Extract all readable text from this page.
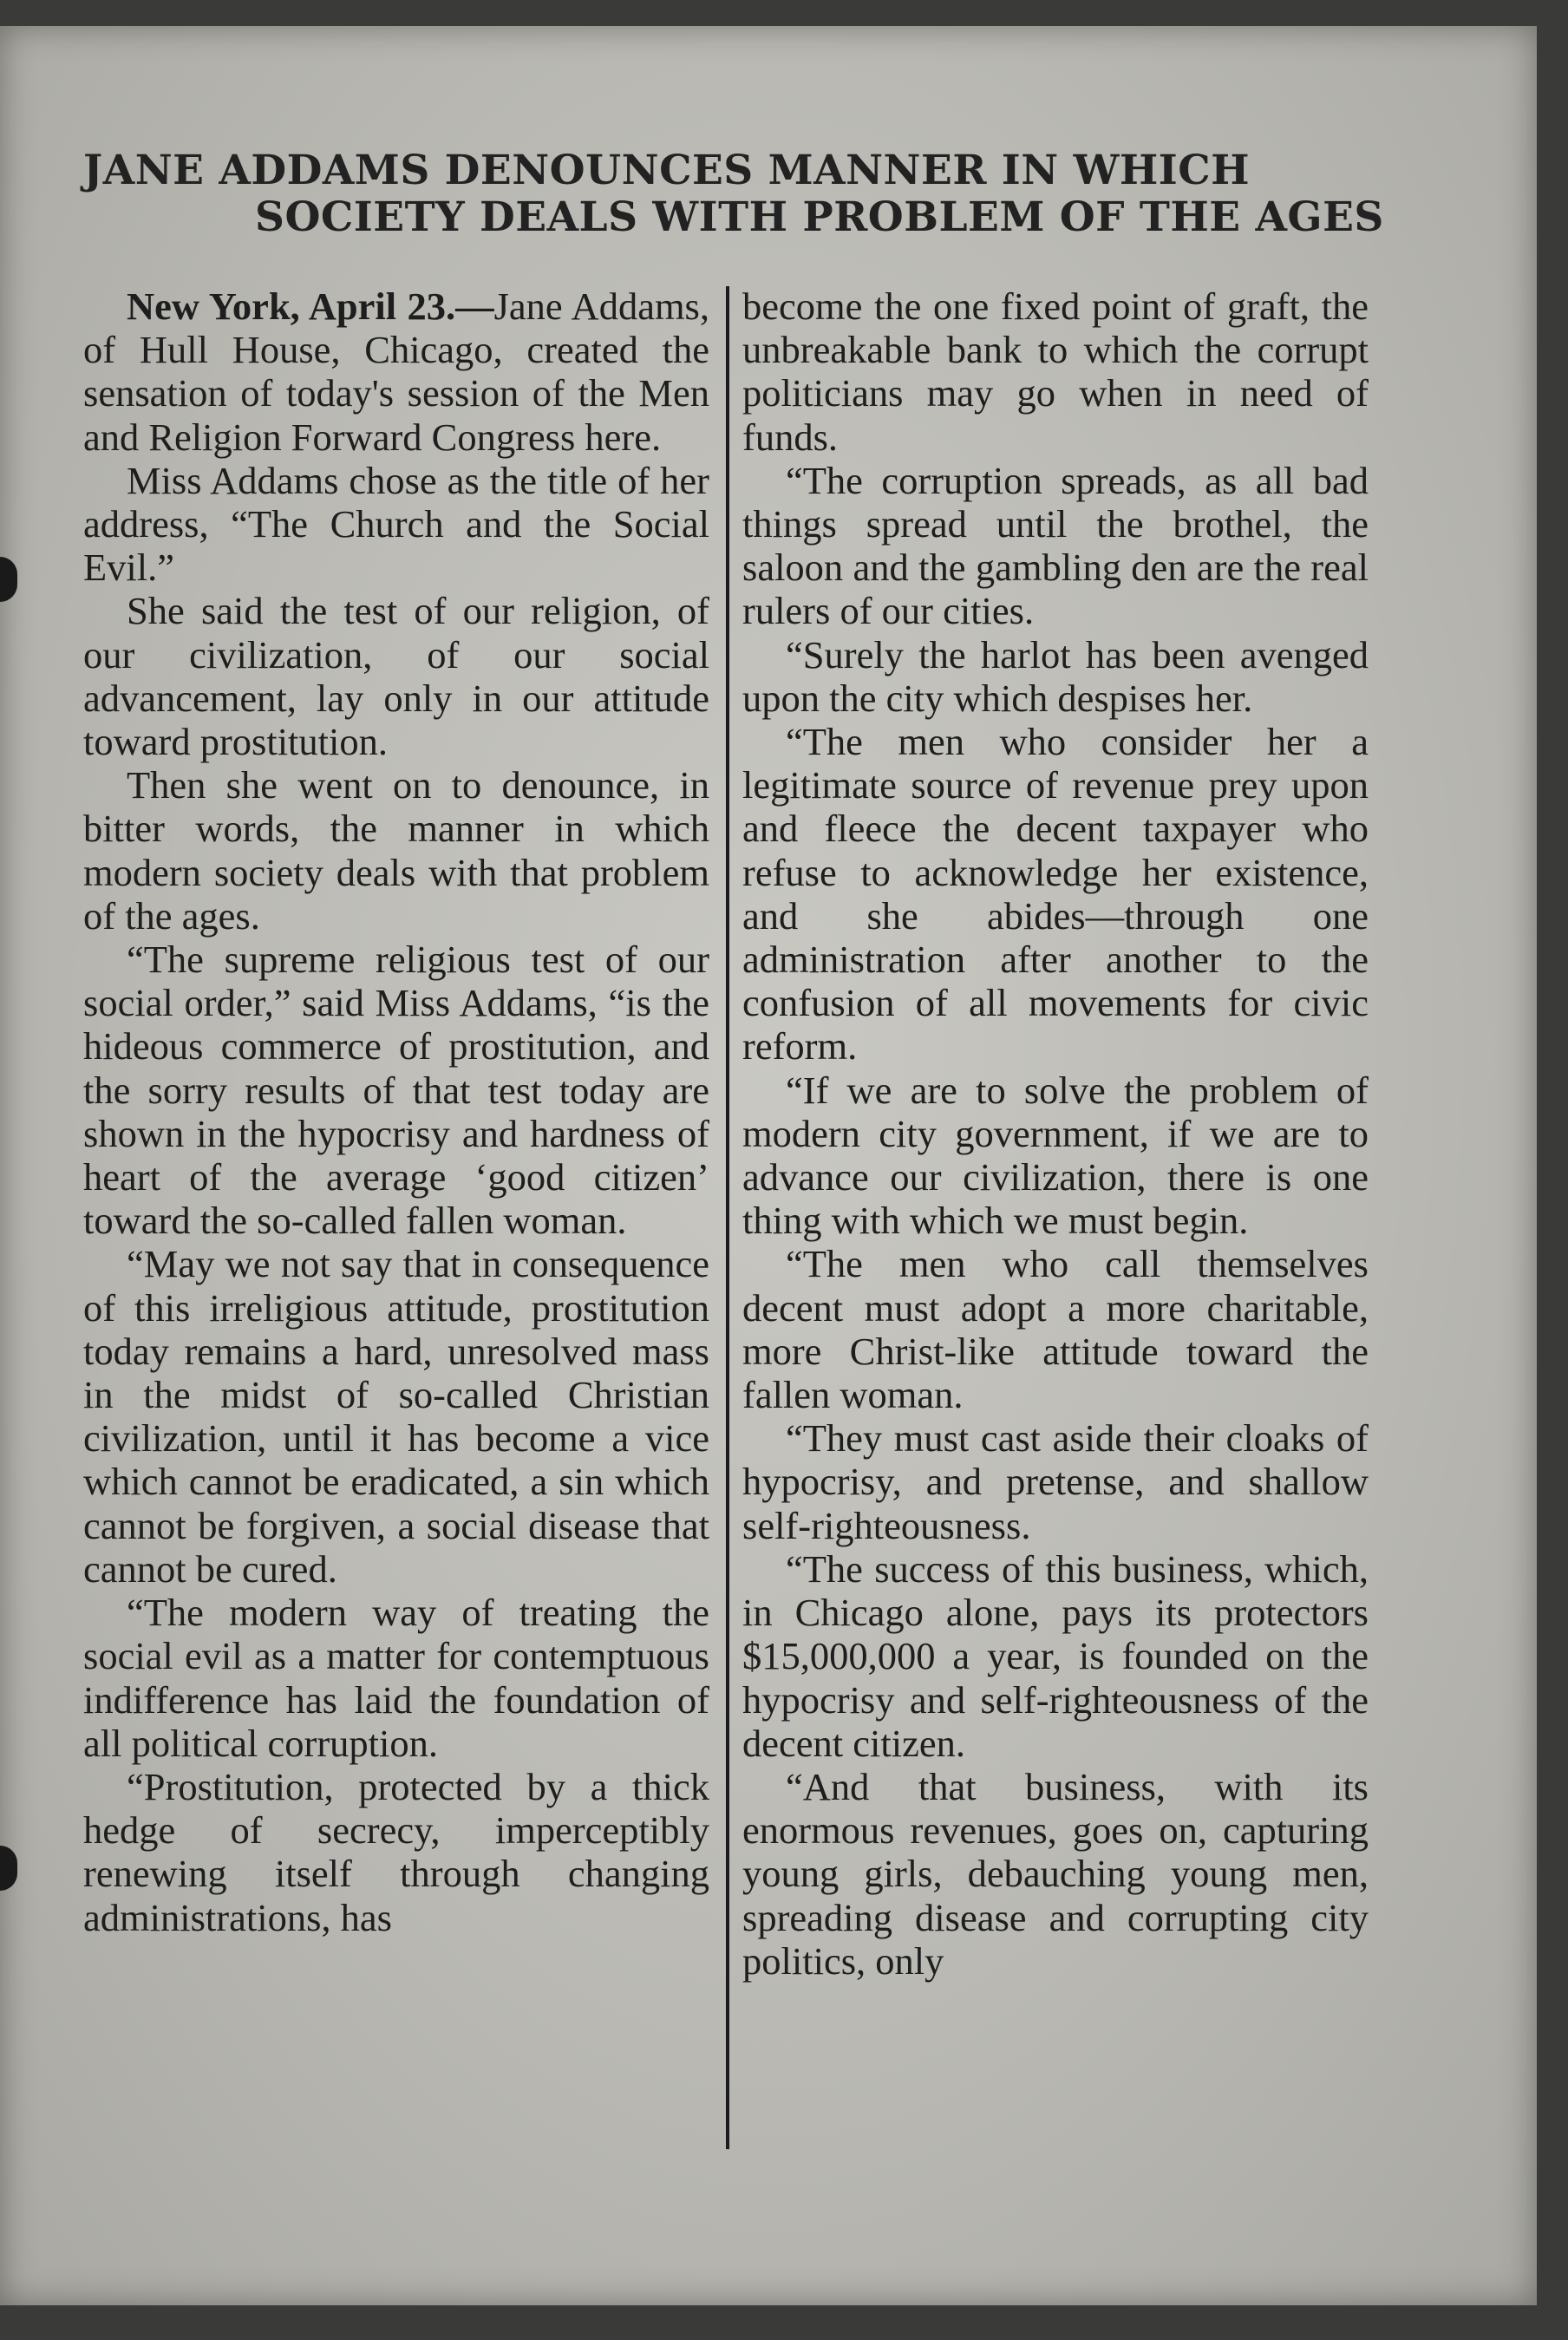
JANE ADDAMS DENOUNCES MANNER IN WHICH
SOCIETY DEALS WITH PROBLEM OF THE AGES

New York, April 23.—Jane Addams, of Hull House, Chicago, created the sensation of today's session of the Men and Religion Forward Congress here.

Miss Addams chose as the title of her address, “The Church and the Social Evil.”

She said the test of our religion, of our civilization, of our social advancement, lay only in our attitude toward prostitution.

Then she went on to denounce, in bitter words, the manner in which modern society deals with that problem of the ages.

“The supreme religious test of our social order,” said Miss Addams, “is the hideous commerce of prostitution, and the sorry results of that test today are shown in the hypocrisy and hardness of heart of the average ‘good citizen’ toward the so-called fallen woman.

“May we not say that in consequence of this irreligious attitude, prostitution today remains a hard, unresolved mass in the midst of so-called Christian civilization, until it has become a vice which cannot be eradicated, a sin which cannot be forgiven, a social disease that cannot be cured.

“The modern way of treating the social evil as a matter for contemptuous indifference has laid the foundation of all political corruption.

“Prostitution, protected by a thick hedge of secrecy, imperceptibly renewing itself through changing administrations, has

become the one fixed point of graft, the unbreakable bank to which the corrupt politicians may go when in need of funds.

“The corruption spreads, as all bad things spread until the brothel, the saloon and the gambling den are the real rulers of our cities.

“Surely the harlot has been avenged upon the city which despises her.

“The men who consider her a legitimate source of revenue prey upon and fleece the decent taxpayer who refuse to acknowledge her existence, and she abides—through one administration after another to the confusion of all movements for civic reform.

“If we are to solve the problem of modern city government, if we are to advance our civilization, there is one thing with which we must begin.

“The men who call themselves decent must adopt a more charitable, more Christ-like attitude toward the fallen woman.

“They must cast aside their cloaks of hypocrisy, and pretense, and shallow self-righteousness.

“The success of this business, which, in Chicago alone, pays its protectors $15,000,000 a year, is founded on the hypocrisy and self-righteousness of the decent citizen.

“And that business, with its enormous revenues, goes on, capturing young girls, debauching young men, spreading disease and corrupting city politics, only
